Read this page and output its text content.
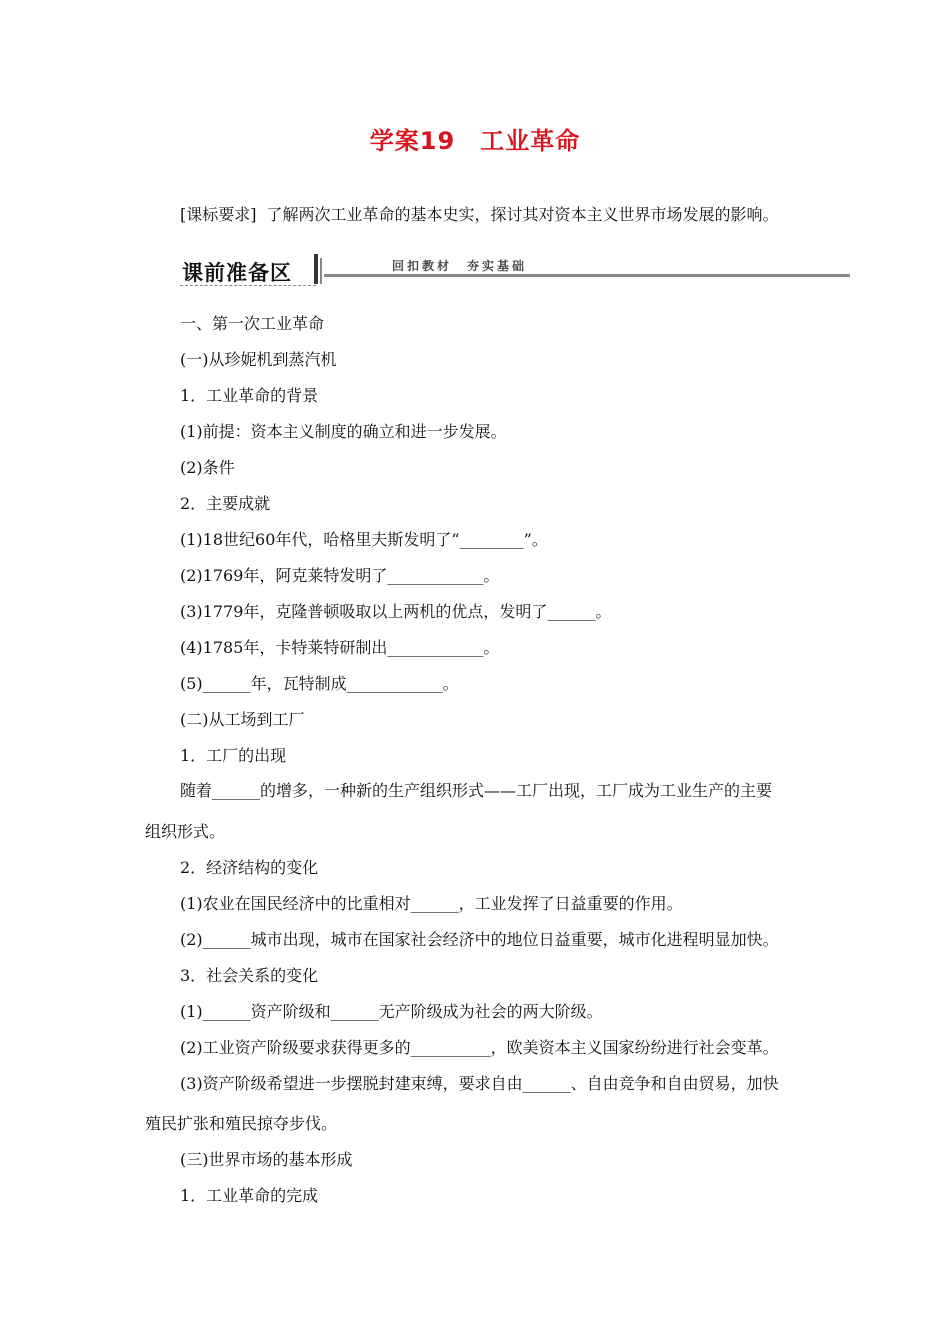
学案19　工业革命
[课标要求] 了解两次工业革命的基本史实，探讨其对资本主义世界市场发展的影响。
课前准备区	回扣教材　夯实基础
一、第一次工业革命
(一)从珍妮机到蒸汽机
1．工业革命的背景
(1)前提：资本主义制度的确立和进一步发展。
(2)条件
2．主要成就
(1)18世纪60年代，哈格里夫斯发明了“________”。
(2)1769年，阿克莱特发明了____________。
(3)1779年，克隆普顿吸取以上两机的优点，发明了______。
(4)1785年，卡特莱特研制出____________。
(5)______年，瓦特制成____________。
(二)从工场到工厂
1．工厂的出现
随着______的增多，一种新的生产组织形式——工厂出现，工厂成为工业生产的主要
组织形式。
2．经济结构的变化
(1)农业在国民经济中的比重相对______，工业发挥了日益重要的作用。
(2)______城市出现，城市在国家社会经济中的地位日益重要，城市化进程明显加快。
3．社会关系的变化
(1)______资产阶级和______无产阶级成为社会的两大阶级。
(2)工业资产阶级要求获得更多的__________，欧美资本主义国家纷纷进行社会变革。
(3)资产阶级希望进一步摆脱封建束缚，要求自由______、自由竞争和自由贸易，加快
殖民扩张和殖民掠夺步伐。
(三)世界市场的基本形成
1．工业革命的完成
